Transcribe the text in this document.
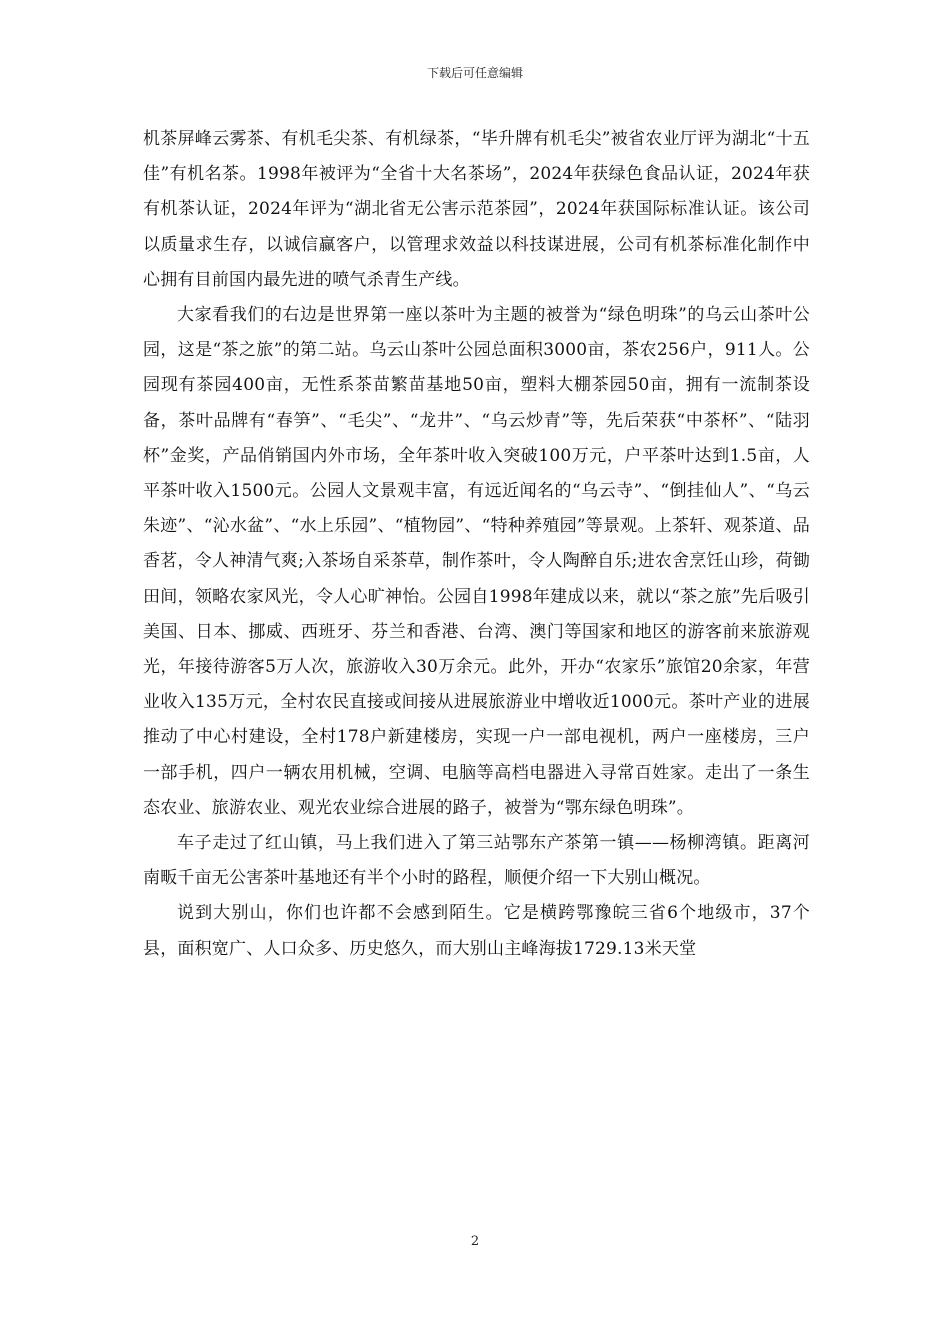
下载后可任意编辑

机茶屏峰云雾茶、有机毛尖茶、有机绿茶，“毕升牌有机毛尖”被省农业厅评为湖北“十五佳”有机名茶。1998年被评为“全省十大名茶场”，2024年获绿色食品认证，2024年获有机茶认证，2024年评为“湖北省无公害示范茶园”，2024年获国际标准认证。该公司以质量求生存，以诚信赢客户，以管理求效益以科技谋进展，公司有机茶标准化制作中心拥有目前国内最先进的喷气杀青生产线。

大家看我们的右边是世界第一座以茶叶为主题的被誉为“绿色明珠”的乌云山茶叶公园，这是“茶之旅”的第二站。乌云山茶叶公园总面积3000亩，茶农256户，911人。公园现有茶园400亩，无性系茶苗繁苗基地50亩，塑料大棚茶园50亩，拥有一流制茶设备，茶叶品牌有“春笋”、“毛尖”、“龙井”、“乌云炒青”等，先后荣获“中茶杯”、“陆羽杯”金奖，产品俏销国内外市场，全年茶叶收入突破100万元，户平茶叶达到1.5亩，人平茶叶收入1500元。公园人文景观丰富，有远近闻名的“乌云寺”、“倒挂仙人”、“乌云朱迹”、“沁水盆”、“水上乐园”、“植物园”、“特种养殖园”等景观。上茶轩、观茶道、品香茗，令人神清气爽;入茶场自采茶草，制作茶叶，令人陶醉自乐;进农舍烹饪山珍，荷锄田间，领略农家风光，令人心旷神怡。公园自1998年建成以来，就以“茶之旅”先后吸引美国、日本、挪威、西班牙、芬兰和香港、台湾、澳门等国家和地区的游客前来旅游观光，年接待游客5万人次，旅游收入30万余元。此外，开办“农家乐”旅馆20余家，年营业收入135万元，全村农民直接或间接从进展旅游业中增收近1000元。茶叶产业的进展推动了中心村建设，全村178户新建楼房，实现一户一部电视机，两户一座楼房，三户一部手机，四户一辆农用机械，空调、电脑等高档电器进入寻常百姓家。走出了一条生态农业、旅游农业、观光农业综合进展的路子，被誉为“鄂东绿色明珠”。

车子走过了红山镇，马上我们进入了第三站鄂东产茶第一镇——杨柳湾镇。距离河南畈千亩无公害茶叶基地还有半个小时的路程，顺便介绍一下大别山概况。

说到大别山，你们也许都不会感到陌生。它是横跨鄂豫皖三省6个地级市，37个县，面积宽广、人口众多、历史悠久，而大别山主峰海拔1729.13米天堂

2
